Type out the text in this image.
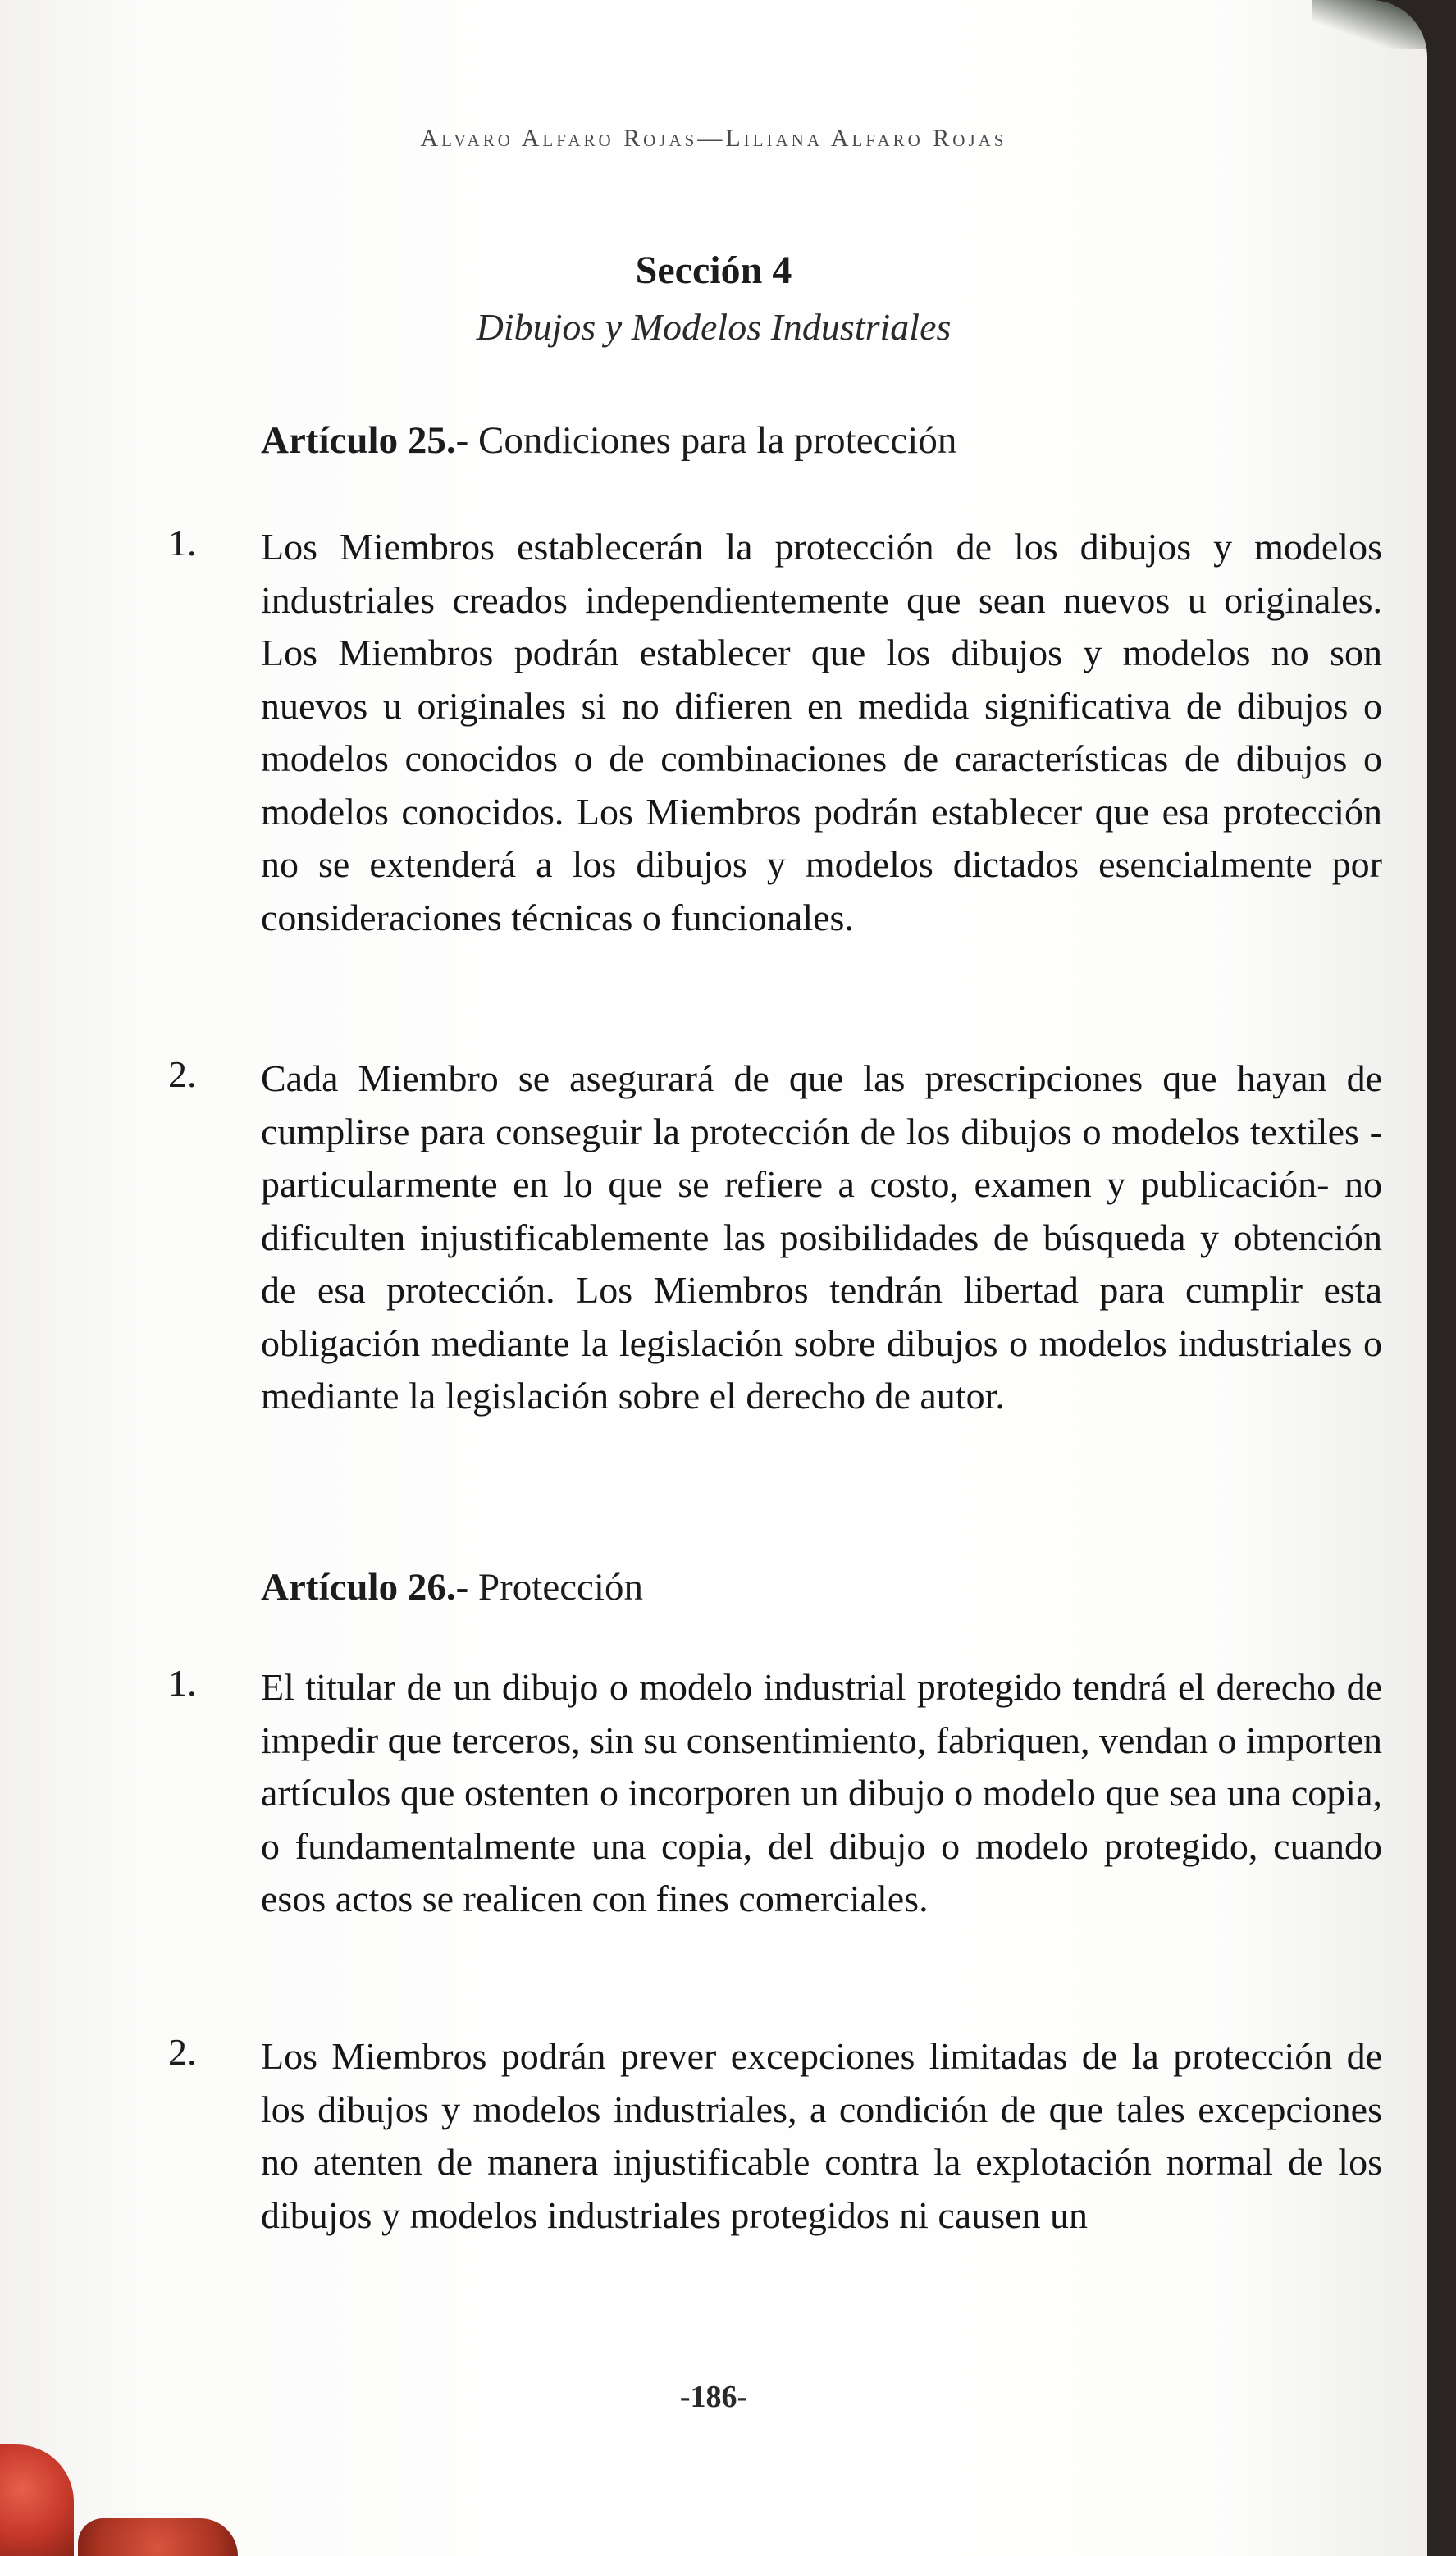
Alvaro Alfaro Rojas—Liliana Alfaro Rojas
Sección 4
Dibujos y Modelos Industriales
Artículo 25.- Condiciones para la protección
1. Los Miembros establecerán la protección de los dibujos y modelos industriales creados independientemente que sean nuevos u originales. Los Miembros podrán establecer que los dibujos y modelos no son nuevos u originales si no difieren en medida significativa de dibujos o modelos conocidos o de combinaciones de características de dibujos o modelos conocidos. Los Miembros podrán establecer que esa protección no se extenderá a los dibujos y modelos dictados esencialmente por consideraciones técnicas o funcionales.
2. Cada Miembro se asegurará de que las prescripciones que hayan de cumplirse para conseguir la protección de los dibujos o modelos textiles -particularmente en lo que se refiere a costo, examen y publicación- no dificulten injustificablemente las posibilidades de búsqueda y obtención de esa protección. Los Miembros tendrán libertad para cumplir esta obligación mediante la legislación sobre dibujos o modelos industriales o mediante la legislación sobre el derecho de autor.
Artículo 26.- Protección
1. El titular de un dibujo o modelo industrial protegido tendrá el derecho de impedir que terceros, sin su consentimiento, fabriquen, vendan o importen artículos que ostenten o incorporen un dibujo o modelo que sea una copia, o fundamentalmente una copia, del dibujo o modelo protegido, cuando esos actos se realicen con fines comerciales.
2. Los Miembros podrán prever excepciones limitadas de la protección de los dibujos y modelos industriales, a condición de que tales excepciones no atenten de manera injustificable contra la explotación normal de los dibujos y modelos industriales protegidos ni causen un
-186-
